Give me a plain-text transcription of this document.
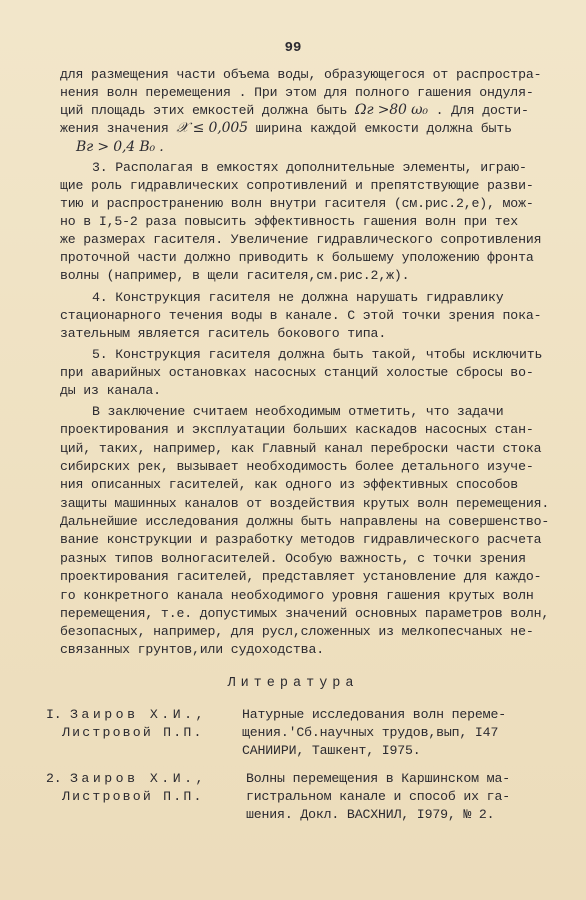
99
для размещения части объема воды, образующегося от распростра-
нения волн перемещения . При этом для полного гашения ондуля-
ций площадь этих емкостей должна быть Ωг >80 ω₀ . Для дости-
жения значения 𝒳 ≤ 0,005 ширина каждой емкости должна быть
Вг > 0,4 В₀ .
3. Располагая в емкостях дополнительные элементы, играю-
щие роль гидравлических сопротивлений и препятствующие разви-
тию и распространению волн внутри гасителя (см.рис.2,е), мож-
но в I,5-2 раза повысить эффективность гашения волн при тех
же размерах гасителя. Увеличение гидравлического сопротивления
проточной части должно приводить к большему уположению фронта
волны (например, в щели гасителя,см.рис.2,ж).
4. Конструкция гасителя не должна нарушать гидравлику
стационарного течения воды в канале. С этой точки зрения пока-
зательным является гаситель бокового типа.
5. Конструкция гасителя должна быть такой, чтобы исключить
при аварийных остановках насосных станций холостые сбросы во-
ды из канала.
В заключение считаем необходимым отметить, что задачи
проектирования и эксплуатации больших каскадов насосных стан-
ций, таких, например, как Главный канал переброски части стока
сибирских рек, вызывает необходимость более детального изуче-
ния описанных гасителей, как одного из эффективных способов
защиты машинных каналов от воздействия крутых волн перемещения.
Дальнейшие исследования должны быть направлены на совершенство-
вание конструкции и разработку методов гидравлического расчета
разных типов волногасителей. Особую важность, с точки зрения
проектирования гасителей, представляет установление для каждо-
го конкретного канала необходимого уровня гашения крутых волн
перемещения, т.е. допустимых значений основных параметров волн,
безопасных, например, для русл,сложенных из мелкопесчаных не-
связанных грунтов,или судоходства.
Литература
I. Заиров Х.И.,
Листровой П.П.
Натурные исследования волн переме-
щения.'Сб.научных трудов,вып, I47
САНИИРИ, Ташкент, I975.
2. Заиров Х.И.,
Листровой П.П.
Волны перемещения в Каршинском ма-
гистральном канале и способ их га-
шения. Докл. ВАСХНИЛ, I979, № 2.
